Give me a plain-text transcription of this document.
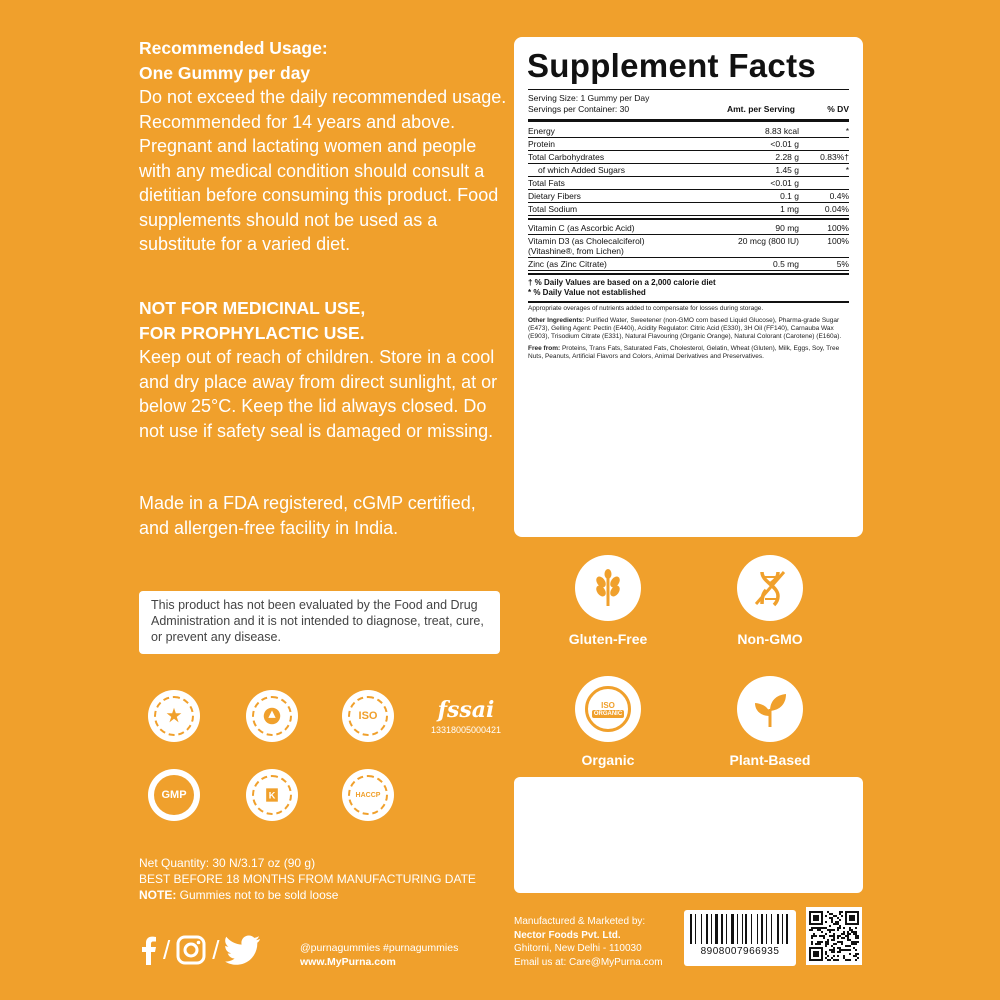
Recommended Usage:
One Gummy per day
Do not exceed the daily recommended usage. Recommended for 14 years and above. Pregnant and lactating women and people with any medical condition should consult a dietitian before consuming this product. Food supplements should not be used as a substitute for a varied diet.
NOT FOR MEDICINAL USE,
FOR PROPHYLACTIC USE.
Keep out of reach of children. Store in a cool and dry place away from direct sunlight, at or below 25°C. Keep the lid always closed. Do not use if safety seal is damaged or missing.
Made in a FDA registered, cGMP certified, and allergen-free facility in India.
This product has not been evaluated by the Food and Drug Administration and it is not intended to diagnose, treat, cure, or prevent any disease.
ISO	fssai
13318005000421
GMP	K	HACCP
Net Quantity: 30 N/3.17 oz (90 g)
BEST BEFORE 18 MONTHS FROM MANUFACTURING DATE
NOTE: Gummies not to be sold loose
/ /	@purnagummies #purnagummies
www.MyPurna.com
Supplement Facts
Serving Size: 1 Gummy per Day
Servings per Container: 30	Amt. per Serving	% DV
Energy	8.83 kcal	*
Protein	<0.01 g	
Total Carbohydrates	2.28 g	0.83%†
of which Added Sugars	1.45 g	*
Total Fats	<0.01 g	
Dietary Fibers	0.1 g	0.4%
Total Sodium	1 mg	0.04%
Vitamin C (as Ascorbic Acid)	90 mg	100%

Vitamin D3 (as Cholecalciferol)
(Vitashine®, from Lichen)	20 mcg (800 IU)	100%
Zinc (as Zinc Citrate)	0.5 mg	5%
† % Daily Values are based on a 2,000 calorie diet
* % Daily Value not established
Appropriate overages of nutrients added to compensate for losses during storage.
Other Ingredients: Purified Water, Sweetener (non-GMO corn based Liquid Glucose), Pharma-grade Sugar (E473), Gelling Agent: Pectin (E440i), Acidity Regulator: Citric Acid (E330), 3H Oil (FF140), Carnauba Wax (E903), Trisodium Citrate (E331), Natural Flavouring (Organic Orange), Natural Colorant (Carotene) (E160a).
Free from: Proteins, Trans Fats, Saturated Fats, Cholesterol, Gelatin, Wheat (Gluten), Milk, Eggs, Soy, Tree Nuts, Peanuts, Artificial Flavors and Colors, Animal Derivatives and Preservatives.
Gluten-Free	Non-GMO
ISO
ORGANIC
Organic	Plant-Based
Manufactured & Marketed by:
Nector Foods Pvt. Ltd.
Ghitorni, New Delhi - 110030
Email us at: Care@MyPurna.com
8908007966935
